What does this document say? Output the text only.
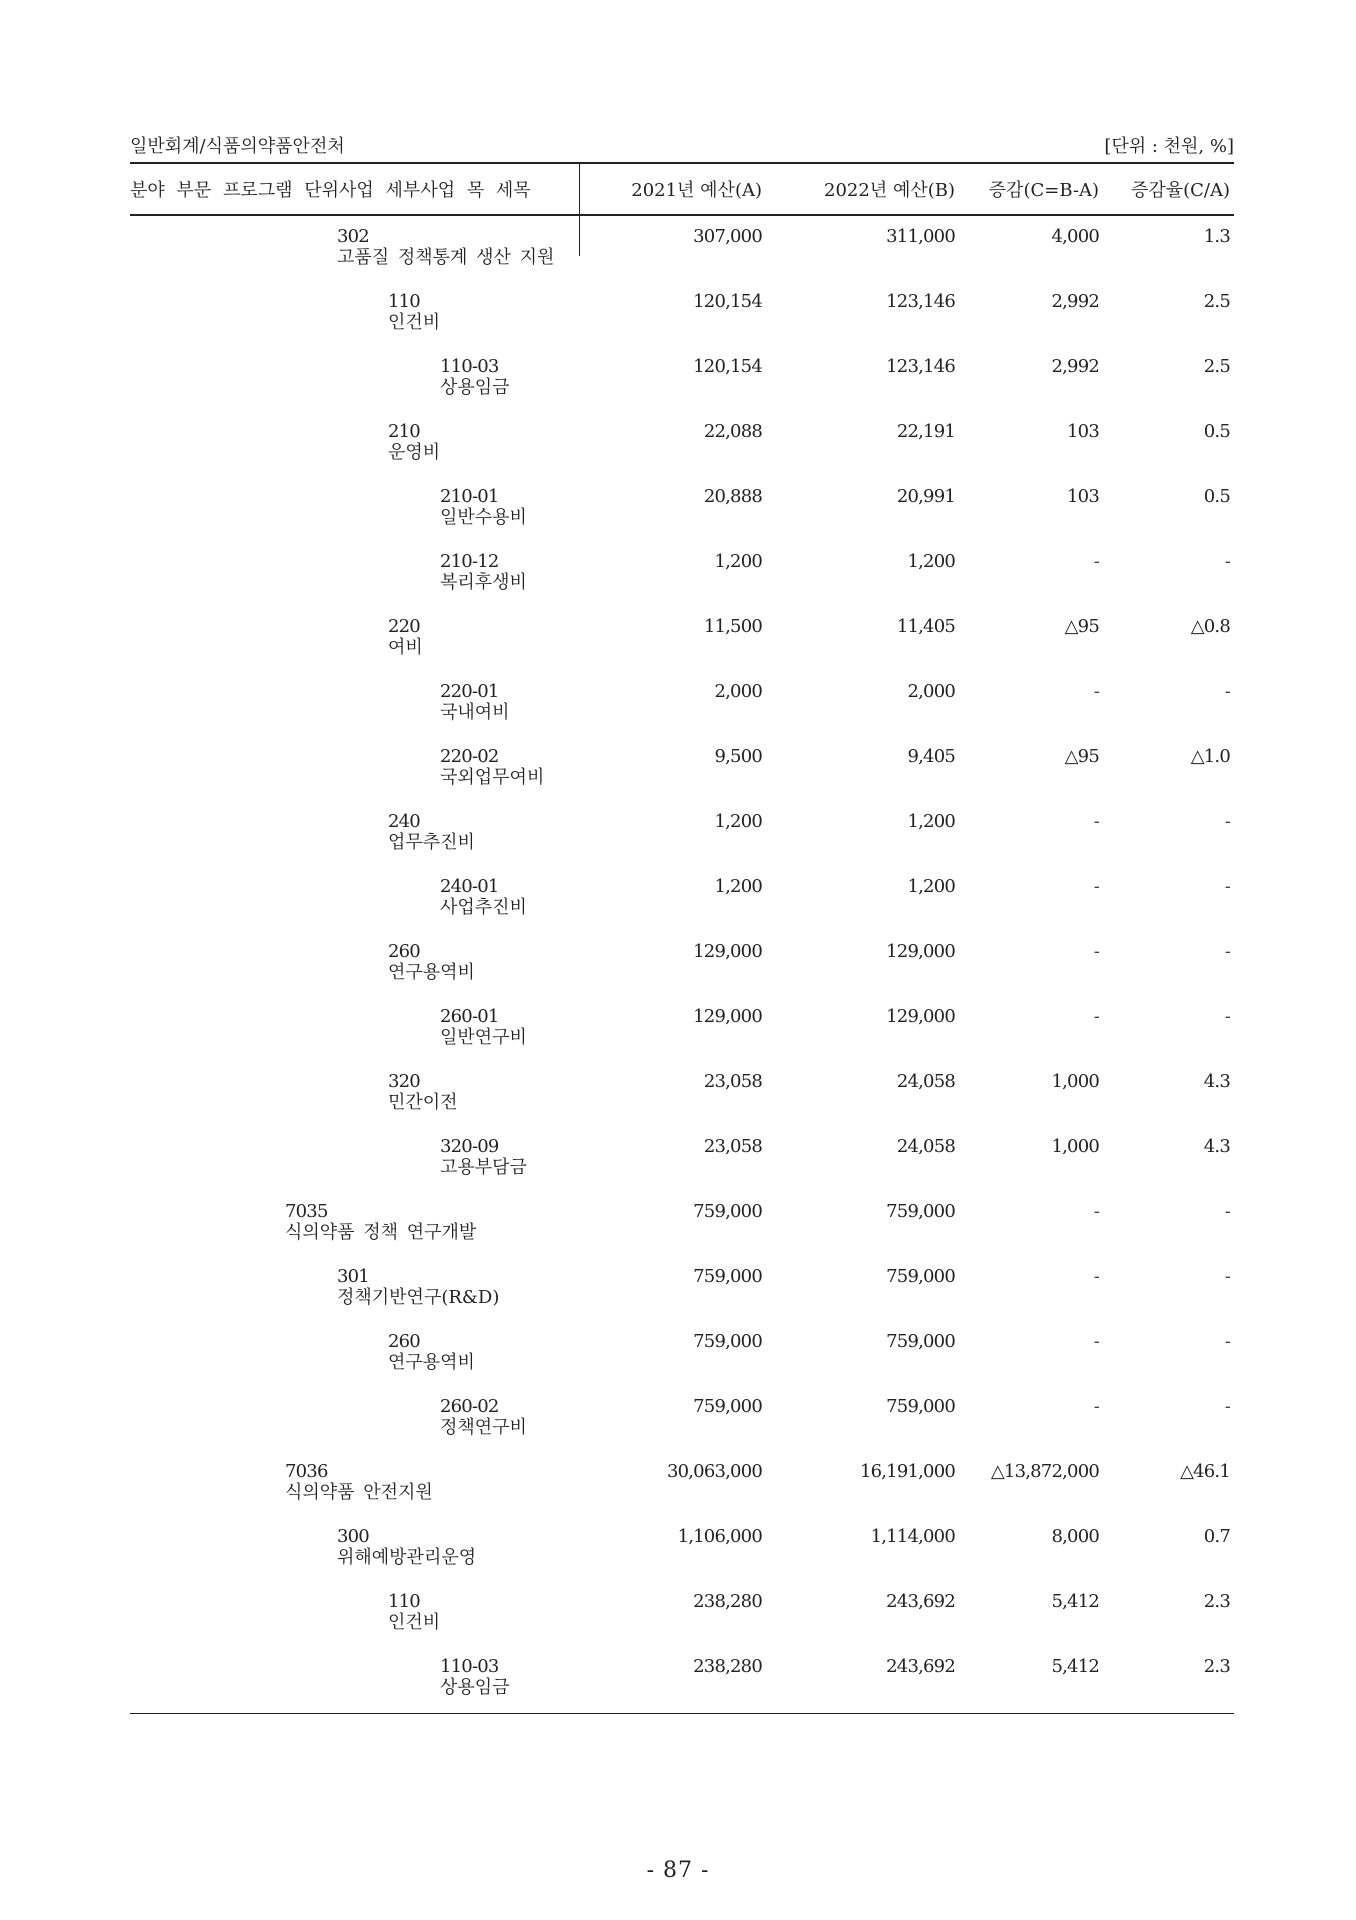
일반회계/식품의약품안전처	[단위 : 천원, %]
분야 부문 프로그램 단위사업 세부사업 목 세목	2021년 예산(A)	2022년 예산(B)	증감(C=B-A)	증감율(C/A)
302
고품질 정책통계 생산 지원
307,000	311,000	4,000	1.3
110
인건비
120,154	123,146	2,992	2.5
110-03
상용임금
120,154	123,146	2,992	2.5
210
운영비
22,088	22,191	103	0.5
210-01
일반수용비
20,888	20,991	103	0.5
210-12
복리후생비
1,200	1,200	-	-
220
여비
11,500	11,405	△95	△0.8
220-01
국내여비
2,000	2,000	-	-
220-02
국외업무여비
9,500	9,405	△95	△1.0
240
업무추진비
1,200	1,200	-	-
240-01
사업추진비
1,200	1,200	-	-
260
연구용역비
129,000	129,000	-	-
260-01
일반연구비
129,000	129,000	-	-
320
민간이전
23,058	24,058	1,000	4.3
320-09
고용부담금
23,058	24,058	1,000	4.3
7035
식의약품 정책 연구개발
759,000	759,000	-	-
301
정책기반연구(R&D)
759,000	759,000	-	-
260
연구용역비
759,000	759,000	-	-
260-02
정책연구비
759,000	759,000	-	-
7036
식의약품 안전지원
30,063,000	16,191,000	△13,872,000	△46.1
300
위해예방관리운영
1,106,000	1,114,000	8,000	0.7
110
인건비
238,280	243,692	5,412	2.3
110-03
상용임금
238,280	243,692	5,412	2.3
- 87 -
